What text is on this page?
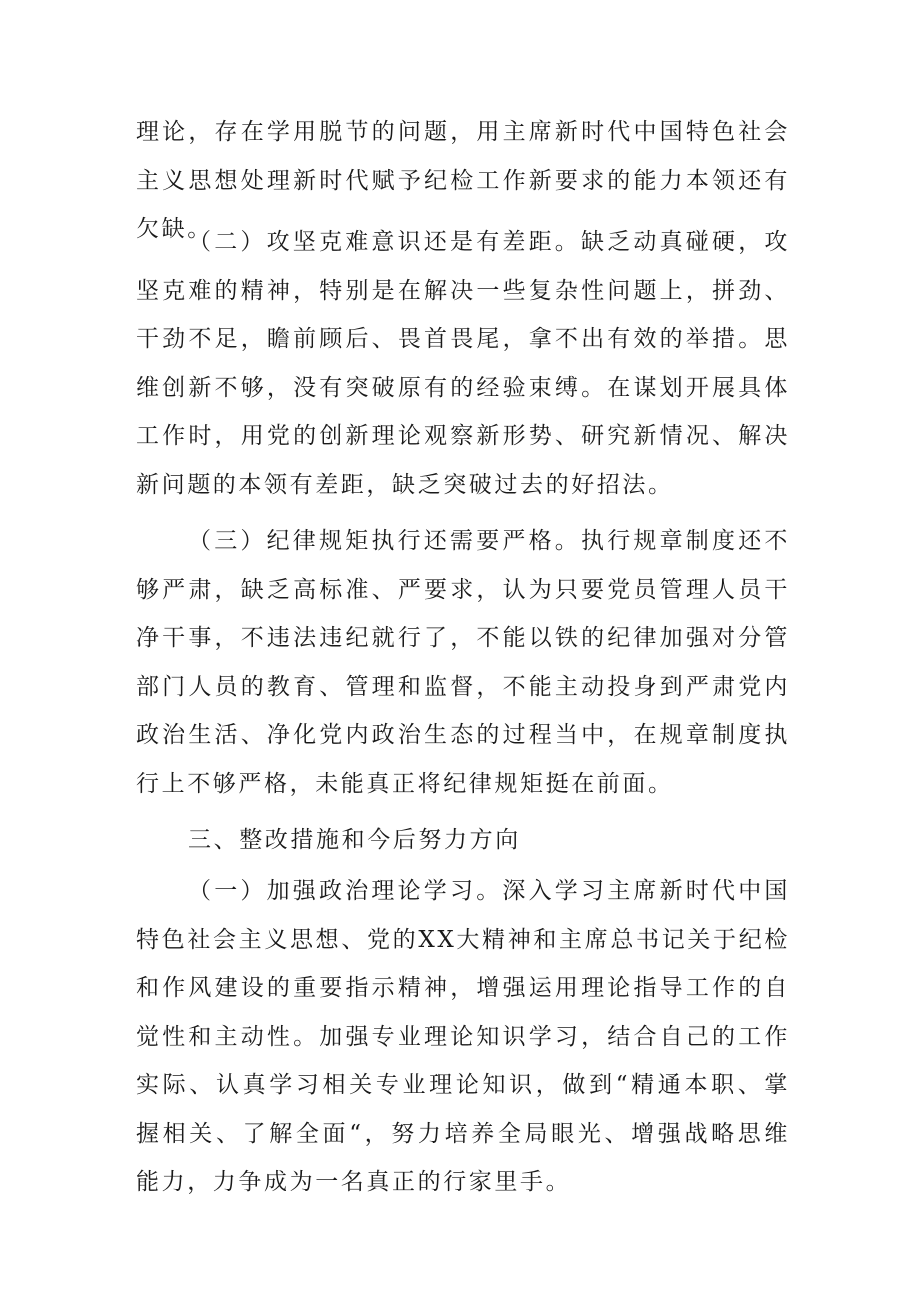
理论，存在学用脱节的问题，用主席新时代中国特色社会主义思想处理新时代赋予纪检工作新要求的能力本领还有欠缺。

（二）攻坚克难意识还是有差距。缺乏动真碰硬，攻坚克难的精神，特别是在解决一些复杂性问题上，拼劲、干劲不足，瞻前顾后、畏首畏尾，拿不出有效的举措。思维创新不够，没有突破原有的经验束缚。在谋划开展具体工作时，用党的创新理论观察新形势、研究新情况、解决新问题的本领有差距，缺乏突破过去的好招法。

（三）纪律规矩执行还需要严格。执行规章制度还不够严肃，缺乏高标准、严要求，认为只要党员管理人员干净干事，不违法违纪就行了，不能以铁的纪律加强对分管部门人员的教育、管理和监督，不能主动投身到严肃党内政治生活、净化党内政治生态的过程当中，在规章制度执行上不够严格，未能真正将纪律规矩挺在前面。

三、整改措施和今后努力方向

（一）加强政治理论学习。深入学习主席新时代中国特色社会主义思想、党的XX大精神和主席总书记关于纪检和作风建设的重要指示精神，增强运用理论指导工作的自觉性和主动性。加强专业理论知识学习，结合自己的工作实际、认真学习相关专业理论知识，做到“精通本职、掌握相关、了解全面“，努力培养全局眼光、增强战略思维能力，力争成为一名真正的行家里手。
